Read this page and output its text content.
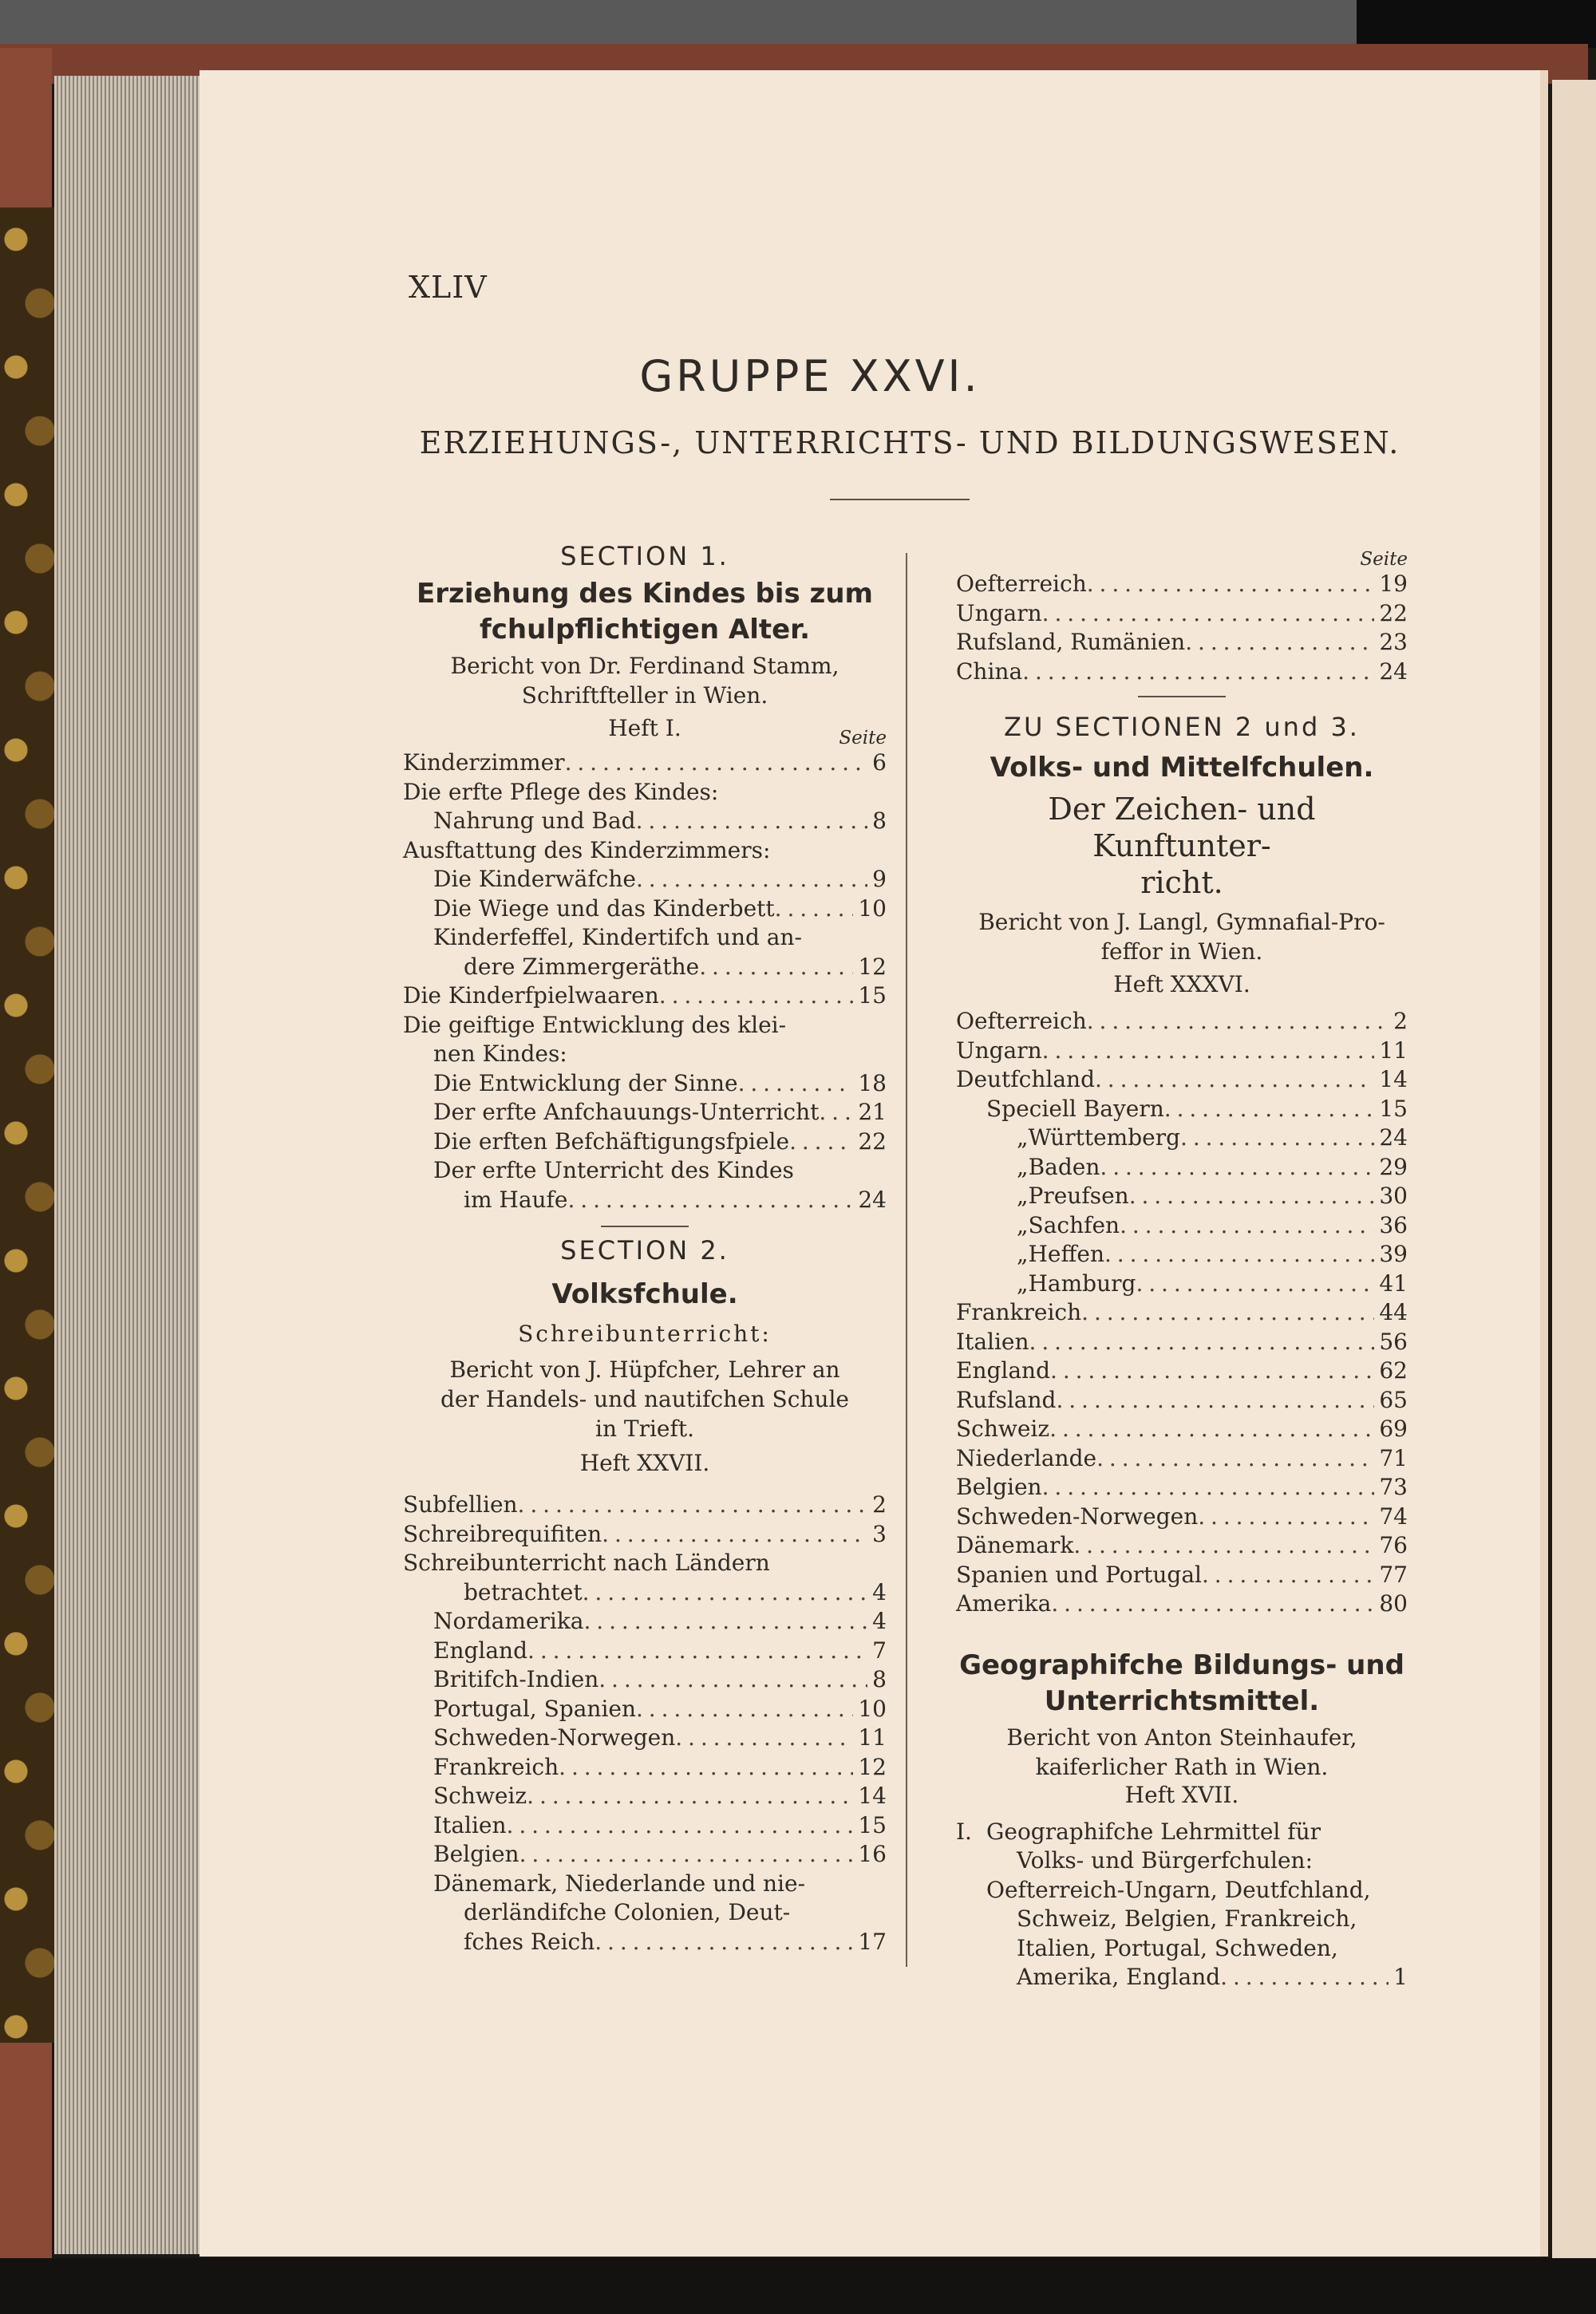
XLIV
GRUPPE XXVI.
ERZIEHUNGS-, UNTERRICHTS- UND BILDUNGSWESEN.
SECTION 1.
Erziehung des Kindes bis zum
fchulpflichtigen Alter.
Bericht von Dr. Ferdinand Stamm,
Schriftfteller in Wien.
Heft I.	Seite
Kinderzimmer . . .	6
Die erfte Pflege des Kindes:
Nahrung und Bad . . .	8
Ausftattung des Kinderzimmers:
Die Kinderwäfche . . .	9
Die Wiege und das Kinderbett . . .	10
Kinderfeffel, Kindertifch und an-
dere Zimmergeräthe . . .	12
Die Kinderfpielwaaren . . .	15
Die geiftige Entwicklung des klei-
nen Kindes:
Die Entwicklung der Sinne . . .	18
Der erfte Anfchauungs-Unterricht . . . 21
Die erften Befchäftigungsfpiele . . .	22
Der erfte Unterricht des Kindes
im Haufe . . .	24
SECTION 2.
Volksfchule.
Schreibunterricht:
Bericht von J. Hüpfcher, Lehrer an
der Handels- und nautifchen Schule
in Trieft.
Heft XXVII.
Subfellien . . .	2
Schreibrequifiten . . .	3
Schreibunterricht nach Ländern
betrachtet . . .	4
Nordamerika . . .	4
England . . .	7
Britifch-Indien . . .	8
Portugal, Spanien . . .	10
Schweden-Norwegen . . .	11
Frankreich . . .	12
Schweiz . . .	14
Italien . . .	15
Belgien . . .	16
Dänemark, Niederlande und nie-
derländifche Colonien, Deut-
fches Reich . . .	17
Seite
Oefterreich . . .	19
Ungarn . . .	22
Rufsland, Rumänien . . .	23
China . . .	24
ZU SECTIONEN 2 und 3.
Volks- und Mittelfchulen.
Der Zeichen- und Kunftunter-
richt.
Bericht von J. Langl, Gymnafial-Pro-
feffor in Wien.
Heft XXXVI.
Oefterreich . . .	2
Ungarn . . .	11
Deutfchland . . .	14
Speciell Bayern . . .	15
„ Württemberg . . .	24
„ Baden . . .	29
„ Preufsen . . .	30
„ Sachfen . . .	36
„ Heffen . . .	39
„ Hamburg . . .	41
Frankreich . . .	44
Italien . . .	56
England . . .	62
Rufsland . . .	65
Schweiz . . .	69
Niederlande . . .	71
Belgien . . .	73
Schweden-Norwegen . . .	74
Dänemark . . .	76
Spanien und Portugal . . .	77
Amerika . . .	80
Geographifche Bildungs- und
Unterrichtsmittel.
Bericht von Anton Steinhaufer,
kaiferlicher Rath in Wien.
Heft XVII.
I. Geographifche Lehrmittel für
Volks- und Bürgerfchulen:
Oefterreich-Ungarn, Deutfchland,
Schweiz, Belgien, Frankreich,
Italien, Portugal, Schweden,
Amerika, England . . .	1
